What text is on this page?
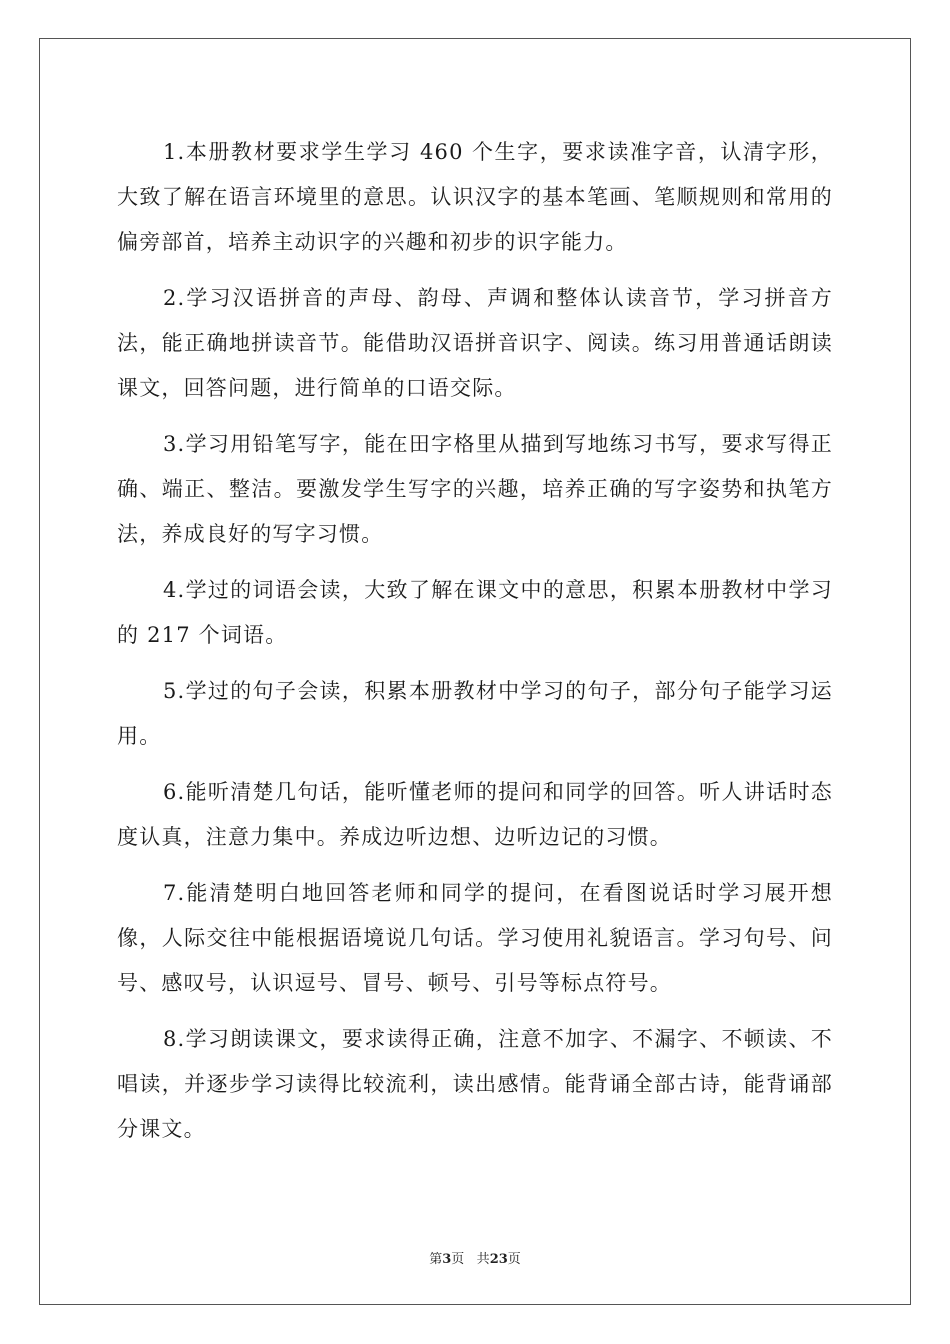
1.本册教材要求学生学习 460 个生字，要求读准字音，认清字形，大致了解在语言环境里的意思。认识汉字的基本笔画、笔顺规则和常用的偏旁部首，培养主动识字的兴趣和初步的识字能力。

2.学习汉语拼音的声母、韵母、声调和整体认读音节，学习拼音方法，能正确地拼读音节。能借助汉语拼音识字、阅读。练习用普通话朗读课文，回答问题，进行简单的口语交际。

3.学习用铅笔写字，能在田字格里从描到写地练习书写，要求写得正确、端正、整洁。要激发学生写字的兴趣，培养正确的写字姿势和执笔方法，养成良好的写字习惯。

4.学过的词语会读，大致了解在课文中的意思，积累本册教材中学习的 217 个词语。

5.学过的句子会读，积累本册教材中学习的句子，部分句子能学习运用。

6.能听清楚几句话，能听懂老师的提问和同学的回答。听人讲话时态度认真，注意力集中。养成边听边想、边听边记的习惯。

7.能清楚明白地回答老师和同学的提问，在看图说话时学习展开想像，人际交往中能根据语境说几句话。学习使用礼貌语言。学习句号、问号、感叹号，认识逗号、冒号、顿号、引号等标点符号。

8.学习朗读课文，要求读得正确，注意不加字、不漏字、不顿读、不唱读，并逐步学习读得比较流利，读出感情。能背诵全部古诗，能背诵部分课文。

第3页 共23页
